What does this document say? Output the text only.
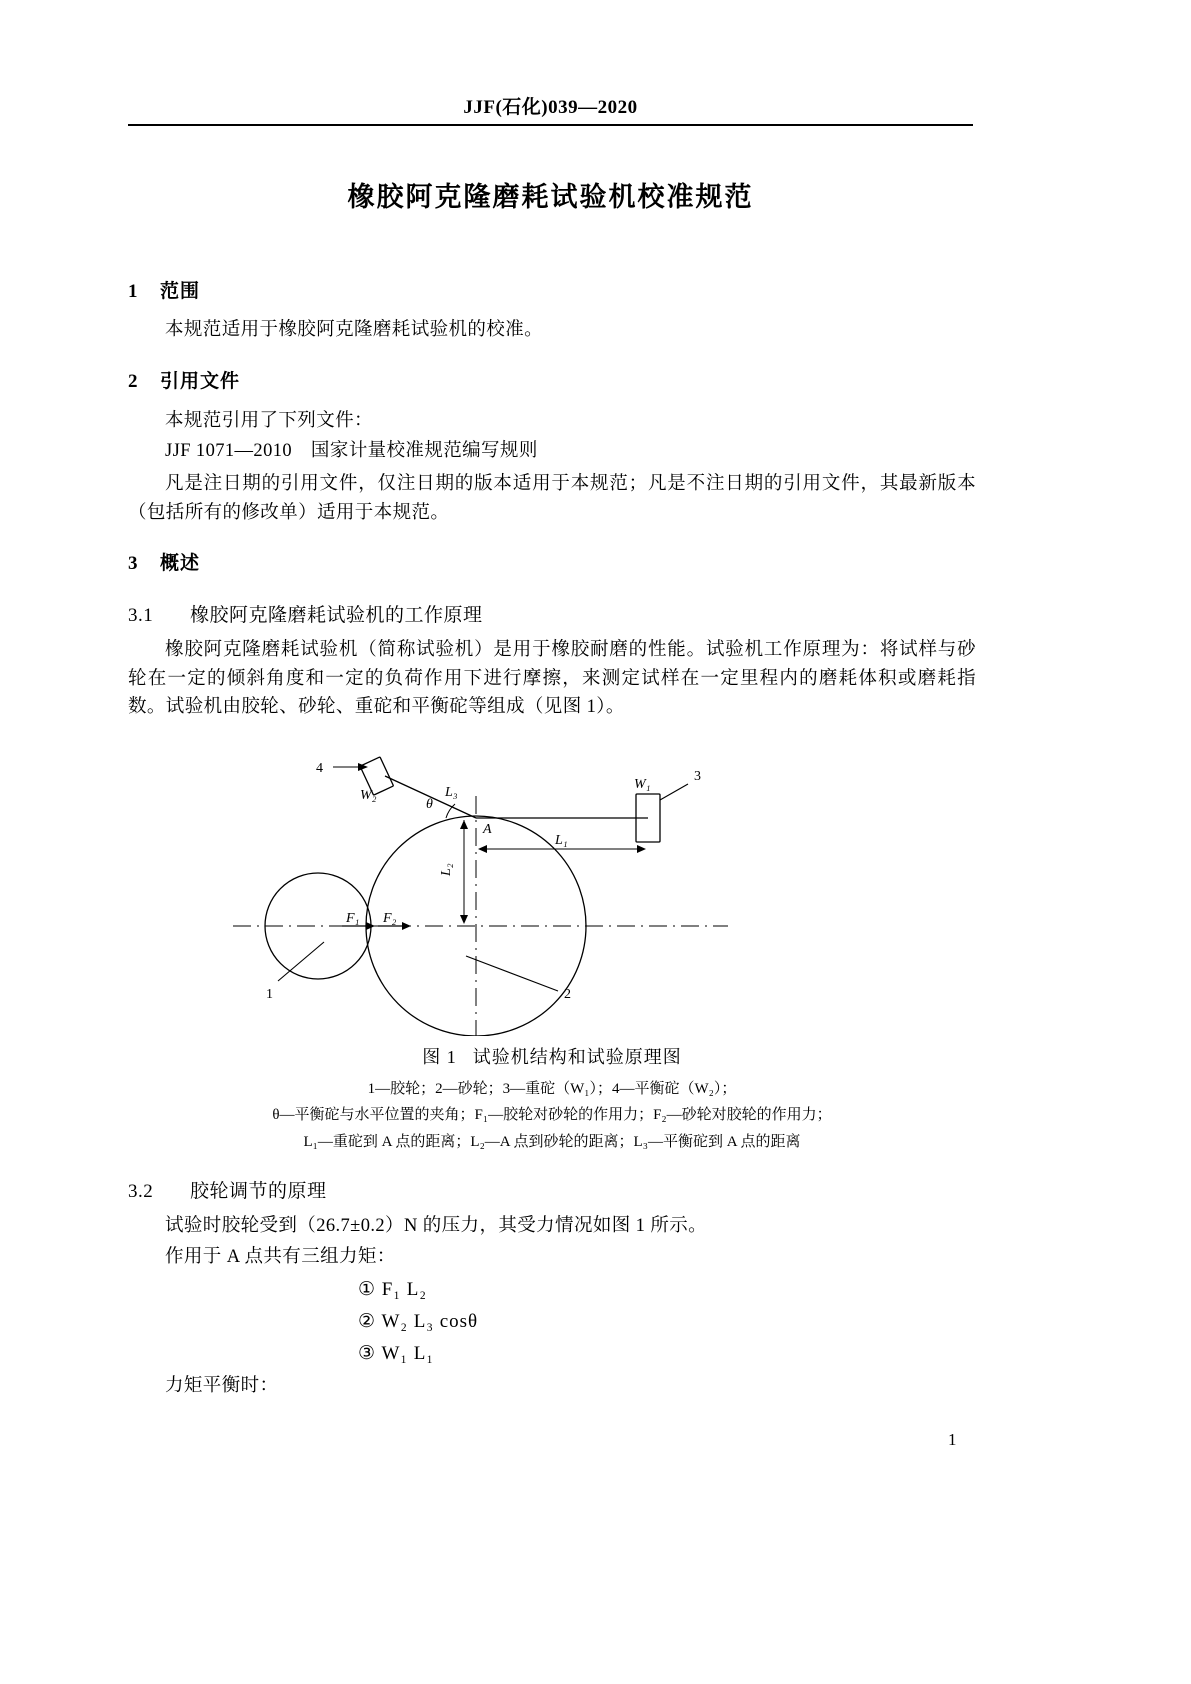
JJF(石化)039—2020
橡胶阿克隆磨耗试验机校准规范
1 范围

本规范适用于橡胶阿克隆磨耗试验机的校准。

2 引用文件

本规范引用了下列文件：

JJF 1071—2010　国家计量校准规范编写规则

凡是注日期的引用文件，仅注日期的版本适用于本规范；凡是不注日期的引用文件，其最新版本（包括所有的修改单）适用于本规范。

3 概述
3.1 橡胶阿克隆磨耗试验机的工作原理

橡胶阿克隆磨耗试验机（简称试验机）是用于橡胶耐磨的性能。试验机工作原理为：将试样与砂轮在一定的倾斜角度和一定的负荷作用下进行摩擦，来测定试样在一定里程内的磨耗体积或磨耗指数。试验机由胶轮、砂轮、重砣和平衡砣等组成（见图 1）。

4
W₂
θ
L₃
A
W₁
3
L₁
L₂
F₁ F₂
1	2
图 1 试验机结构和试验原理图
1—胶轮；2—砂轮；3—重砣（W₁）；4—平衡砣（W₂）；
θ—平衡砣与水平位置的夹角；F₁—胶轮对砂轮的作用力；F₂—砂轮对胶轮的作用力；
L₁—重砣到 A 点的距离；L₂—A 点到砂轮的距离；L₃—平衡砣到 A 点的距离
3.2 胶轮调节的原理

试验时胶轮受到（26.7±0.2）N 的压力，其受力情况如图 1 所示。

作用于 A 点共有三组力矩：

① F₁ L₂
② W₂ L₃ cosθ
③ W₁ L₁

力矩平衡时：

1
